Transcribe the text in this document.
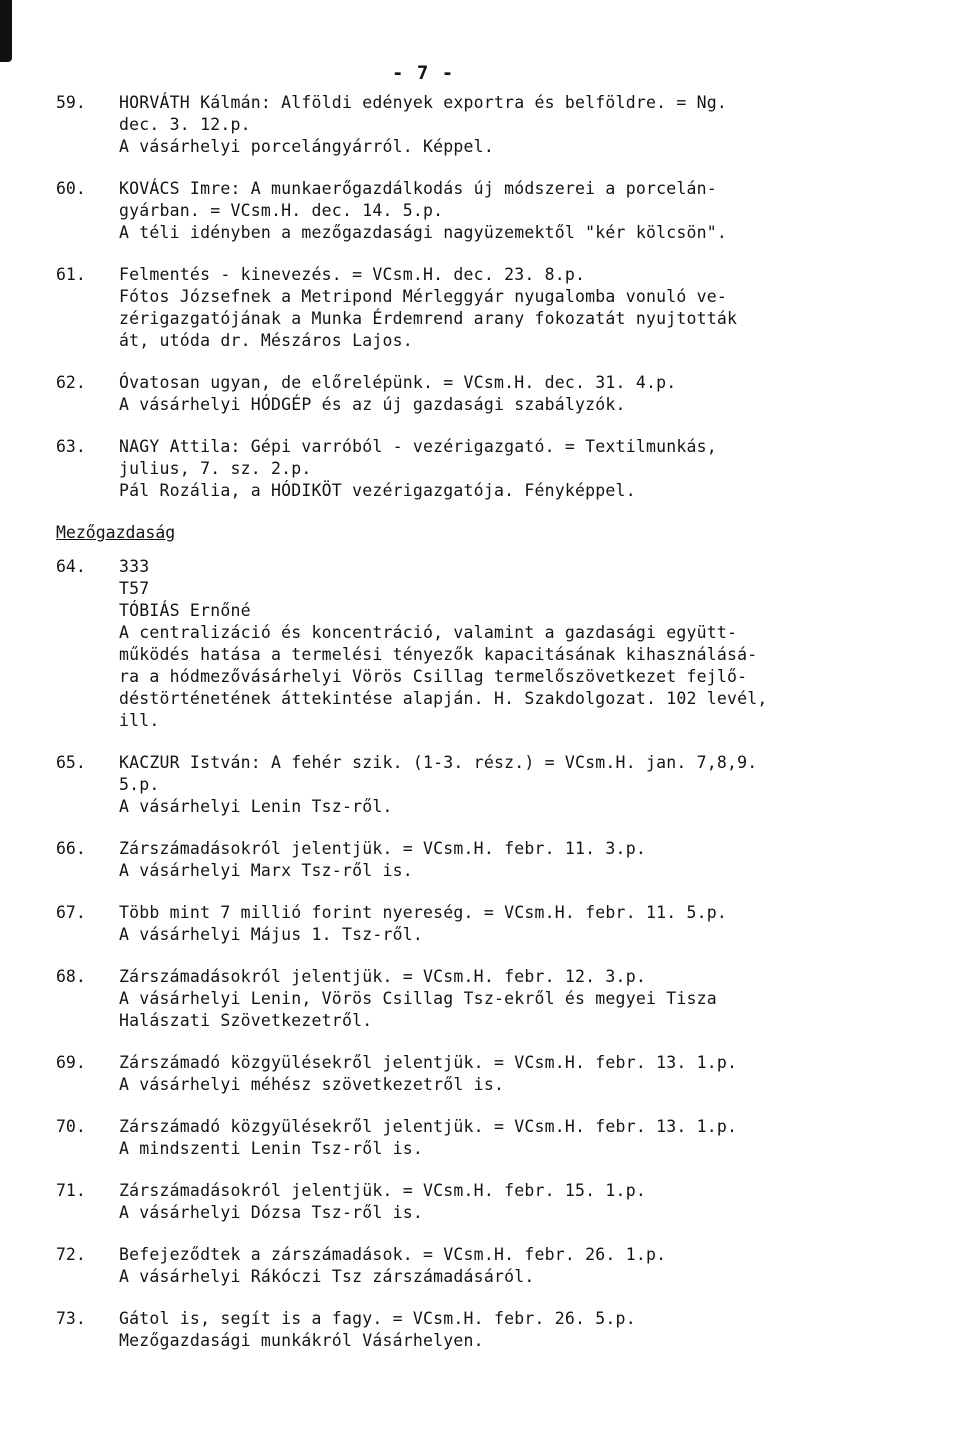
- 7 -
59.	HORVÁTH Kálmán: Alföldi edények exportra és belföldre. = Ng.
dec. 3. 12.p.
A vásárhelyi porcelángyárról. Képpel.
60.	KOVÁCS Imre: A munkaerőgazdálkodás új módszerei a porcelán-
gyárban. = VCsm.H. dec. 14. 5.p.
A téli idényben a mezőgazdasági nagyüzemektől "kér kölcsön".
61.	Felmentés - kinevezés. = VCsm.H. dec. 23. 8.p.
Fótos Józsefnek a Metripond Mérleggyár nyugalomba vonuló ve-
zérigazgatójának a Munka Érdemrend arany fokozatát nyujtották
át, utóda dr. Mészáros Lajos.
62.	Óvatosan ugyan, de előrelépünk. = VCsm.H. dec. 31. 4.p.
A vásárhelyi HÓDGÉP és az új gazdasági szabályzók.
63.	NAGY Attila: Gépi varróból - vezérigazgató. = Textilmunkás,
julius, 7. sz. 2.p.
Pál Rozália, a HÓDIKÖT vezérigazgatója. Fényképpel.
Mezőgazdaság
64.	333
T57
TÓBIÁS Ernőné
A centralizáció és koncentráció, valamint a gazdasági együtt-
működés hatása a termelési tényezők kapacitásának kihasználásá-
ra a hódmezővásárhelyi Vörös Csillag termelőszövetkezet fejlő-
déstörténetének áttekintése alapján. H. Szakdolgozat. 102 levél,
ill.
65.	KACZUR István: A fehér szik. (1-3. rész.) = VCsm.H. jan. 7,8,9.
5.p.
A vásárhelyi Lenin Tsz-ről.
66.	Zárszámadásokról jelentjük. = VCsm.H. febr. 11. 3.p.
A vásárhelyi Marx Tsz-ről is.
67.	Több mint 7 millió forint nyereség. = VCsm.H. febr. 11. 5.p.
A vásárhelyi Május 1. Tsz-ről.
68.	Zárszámadásokról jelentjük. = VCsm.H. febr. 12. 3.p.
A vásárhelyi Lenin, Vörös Csillag Tsz-ekről és megyei Tisza
Halászati Szövetkezetről.
69.	Zárszámadó közgyülésekről jelentjük. = VCsm.H. febr. 13. 1.p.
A vásárhelyi méhész szövetkezetről is.
70.	Zárszámadó közgyülésekről jelentjük. = VCsm.H. febr. 13. 1.p.
A mindszenti Lenin Tsz-ről is.
71.	Zárszámadásokról jelentjük. = VCsm.H. febr. 15. 1.p.
A vásárhelyi Dózsa Tsz-ről is.
72.	Befejeződtek a zárszámadások. = VCsm.H. febr. 26. 1.p.
A vásárhelyi Rákóczi Tsz zárszámadásáról.
73.	Gátol is, segít is a fagy. = VCsm.H. febr. 26. 5.p.
Mezőgazdasági munkákról Vásárhelyen.
